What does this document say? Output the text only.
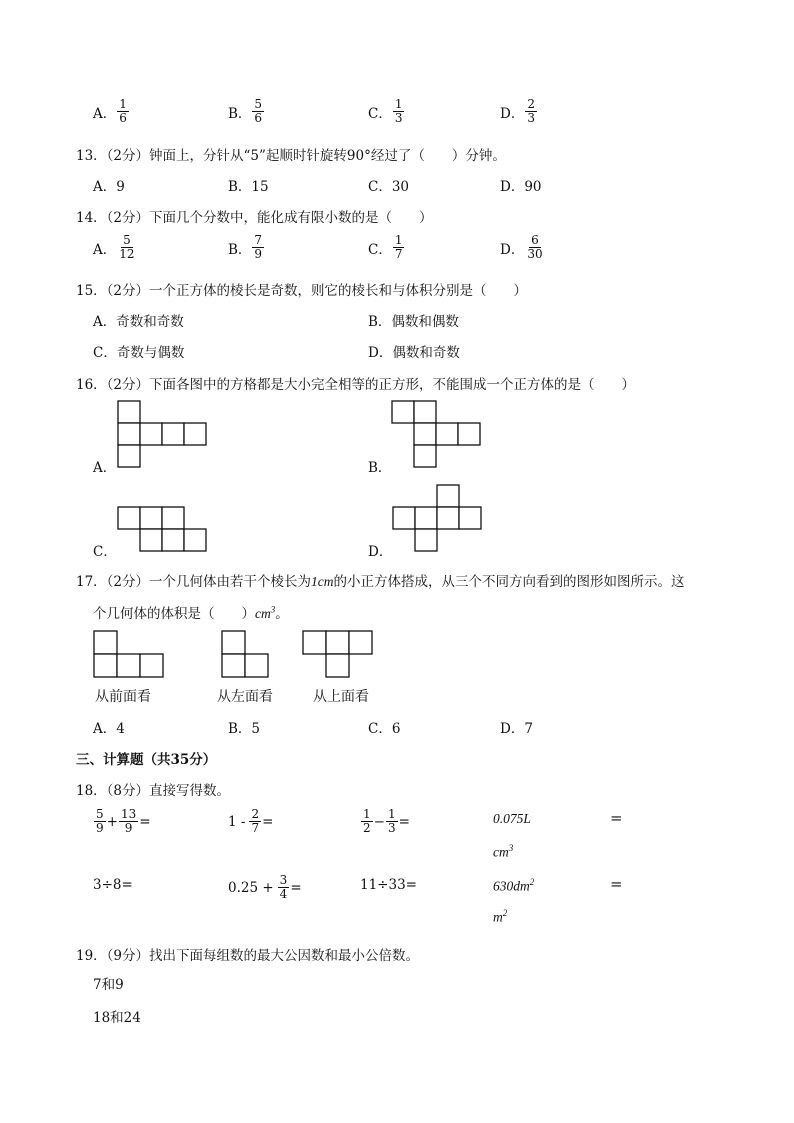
A． $\frac{1}{6}$	B． $\frac{5}{6}$	C． $\frac{1}{3}$	D． $\frac{2}{3}$
13．（2分）钟面上，分针从“5”起顺时针旋转90°经过了（　　）分钟。
A．9	B．15	C．30	D．90
14．（2分）下面几个分数中，能化成有限小数的是（　　）
A． $\frac{5}{12}$	B． $\frac{7}{9}$	C． $\frac{1}{7}$	D． $\frac{6}{30}$
15．（2分）一个正方体的棱长是奇数，则它的棱长和与体积分别是（　　）
A．奇数和奇数	B．偶数和偶数
C．奇数与偶数	D．偶数和奇数
16．（2分）下面各图中的方格都是大小完全相等的正方形，不能围成一个正方体的是（　　）
A．	B．
C．	D．
17．（2分）一个几何体由若干个棱长为1cm的小正方体搭成，从三个不同方向看到的图形如图所示。这
个几何体的体积是（　　）$cm^3$。
从前面看	从左面看	从上面看
A．4	B．5	C．6	D．7
三、计算题（共35分）
18．（8分）直接写得数。
$\frac{5}{9} + \frac{13}{9}$ =	$1 - \frac{2}{7}$ =	$\frac{1}{2} - \frac{1}{3}$ =	0.075L	=
$cm^3$
3÷8=	$0.25 + \frac{3}{4}$ =	11÷33=	$630dm^2$	=
$m^2$
19．（9分）找出下面每组数的最大公因数和最小公倍数。
7和9
18和24
